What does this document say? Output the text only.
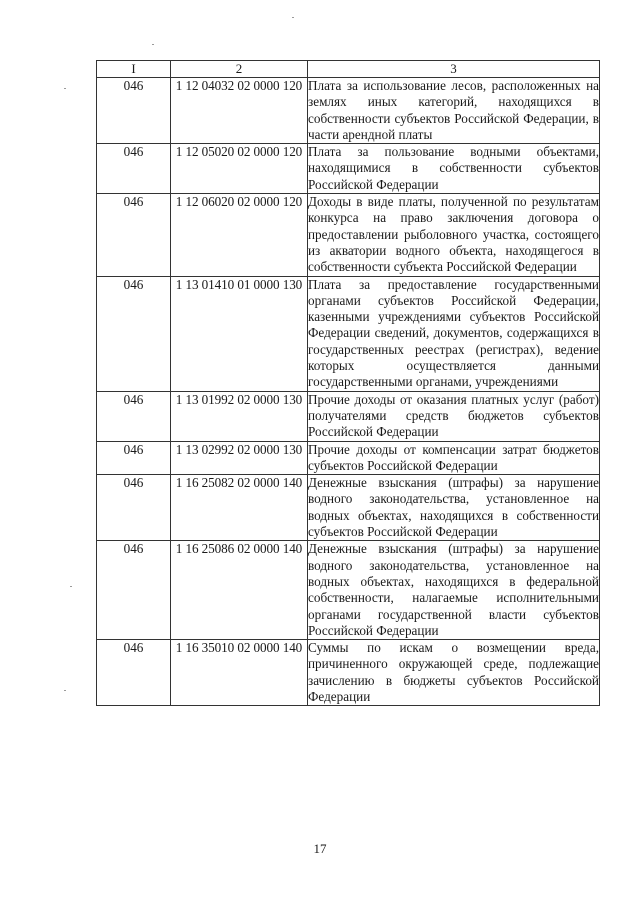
I	2	3
046	1 12 04032 02 0000 120	Плата за использование лесов, расположенных на землях иных категорий, находящихся в собственности субъектов Российской Федерации, в части арендной платы
046	1 12 05020 02 0000 120	Плата за пользование водными объектами, находящимися в собственности субъектов Российской Федерации
046	1 12 06020 02 0000 120	Доходы в виде платы, полученной по результатам конкурса на право заключения договора о предоставлении рыболовного участка, состоящего из акватории водного объекта, находящегося в собственности субъекта Российской Федерации
046	1 13 01410 01 0000 130	Плата за предоставление государственными органами субъектов Российской Федерации, казенными учреждениями субъектов Российской Федерации сведений, документов, содержащихся в государственных реестрах (регистрах), ведение которых осуществляется данными государственными органами, учреждениями
046	1 13 01992 02 0000 130	Прочие доходы от оказания платных услуг (работ) получателями средств бюджетов субъектов Российской Федерации
046	1 13 02992 02 0000 130	Прочие доходы от компенсации затрат бюджетов субъектов Российской Федерации
046	1 16 25082 02 0000 140	Денежные взыскания (штрафы) за нарушение водного законодательства, установленное на водных объектах, находящихся в собственности субъектов Российской Федерации
046	1 16 25086 02 0000 140	Денежные взыскания (штрафы) за нарушение водного законодательства, установленное на водных объектах, находящихся в федеральной собственности, налагаемые исполнительными органами государственной власти субъектов Российской Федерации
046	1 16 35010 02 0000 140	Суммы по искам о возмещении вреда, причиненного окружающей среде, подлежащие зачислению в бюджеты субъектов Российской Федерации
17
